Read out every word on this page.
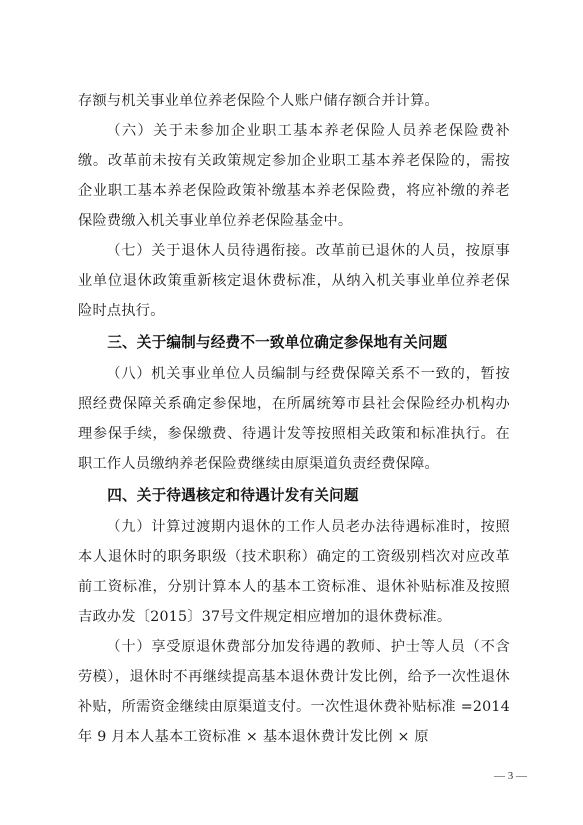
存额与机关事业单位养老保险个人账户储存额合并计算。

（六）关于未参加企业职工基本养老保险人员养老保险费补缴。改革前未按有关政策规定参加企业职工基本养老保险的，需按企业职工基本养老保险政策补缴基本养老保险费，将应补缴的养老保险费缴入机关事业单位养老保险基金中。

（七）关于退休人员待遇衔接。改革前已退休的人员，按原事业单位退休政策重新核定退休费标准，从纳入机关事业单位养老保险时点执行。

三、关于编制与经费不一致单位确定参保地有关问题

（八）机关事业单位人员编制与经费保障关系不一致的，暂按照经费保障关系确定参保地，在所属统筹市县社会保险经办机构办理参保手续，参保缴费、待遇计发等按照相关政策和标准执行。在职工作人员缴纳养老保险费继续由原渠道负责经费保障。

四、关于待遇核定和待遇计发有关问题

（九）计算过渡期内退休的工作人员老办法待遇标准时，按照本人退休时的职务职级（技术职称）确定的工资级别档次对应改革前工资标准，分别计算本人的基本工资标准、退休补贴标准及按照吉政办发〔2015〕37号文件规定相应增加的退休费标准。

（十）享受原退休费部分加发待遇的教师、护士等人员（不含劳模），退休时不再继续提高基本退休费计发比例，给予一次性退休补贴，所需资金继续由原渠道支付。一次性退休费补贴标准 =2014 年 9 月本人基本工资标准 × 基本退休费计发比例 × 原

— 3 —
